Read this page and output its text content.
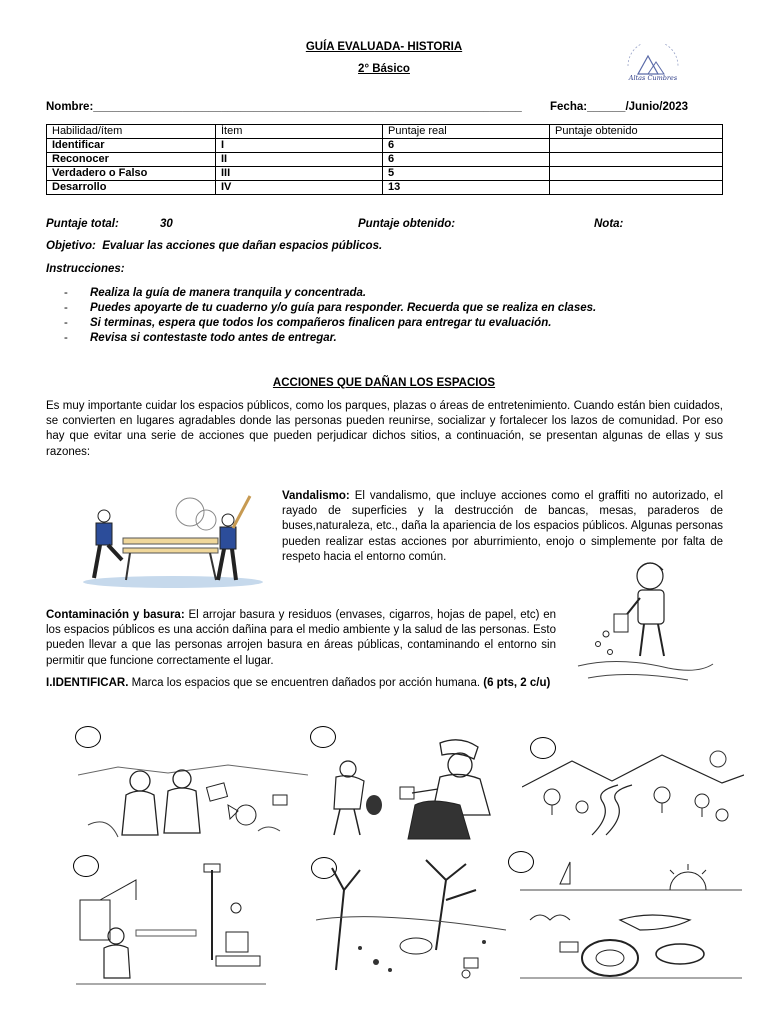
GUÍA EVALUADA- HISTORIA
2° Básico
Altas Cumbres
Nombre:___________________________________________________________________ Fecha:______/Junio/2023
Habilidad/ítem	Ítem	Puntaje real	Puntaje obtenido
Identificar	I	6	
Reconocer	II	6	
Verdadero o Falso	III	5	
Desarrollo	IV	13	
Puntaje total:	30	Puntaje obtenido:	Nota:
Objetivo: Evaluar las acciones que dañan espacios públicos.
Instrucciones:
- Realiza la guía de manera tranquila y concentrada.
- Puedes apoyarte de tu cuaderno y/o guía para responder. Recuerda que se realiza en clases.
- Si terminas, espera que todos los compañeros finalicen para entregar tu evaluación.
- Revisa si contestaste todo antes de entregar.
ACCIONES QUE DAÑAN LOS ESPACIOS
Es muy importante cuidar los espacios públicos, como los parques, plazas o áreas de entretenimiento. Cuando están bien cuidados, se convierten en lugares agradables donde las personas pueden reunirse, socializar y fortalecer los lazos de comunidad. Por eso hay que evitar una serie de acciones que pueden perjudicar dichos sitios, a continuación, se presentan algunas de ellas y sus razones:
Vandalismo: El vandalismo, que incluye acciones como el graffiti no autorizado, el rayado de superficies y la destrucción de bancas, mesas, paraderos de buses,naturaleza, etc., daña la apariencia de los espacios públicos. Algunas personas pueden realizar estas acciones por aburrimiento, enojo o simplemente por falta de respeto hacia el entorno común.
Contaminación y basura: El arrojar basura y residuos (envases, cigarros, hojas de papel, etc) en los espacios públicos es una acción dañina para el medio ambiente y la salud de las personas. Esto pueden llevar a que las personas arrojen basura en áreas públicas, contaminando el entorno sin permitir que funcione correctamente el lugar.
I.IDENTIFICAR. Marca los espacios que se encuentren dañados por acción humana. (6 pts, 2 c/u)
